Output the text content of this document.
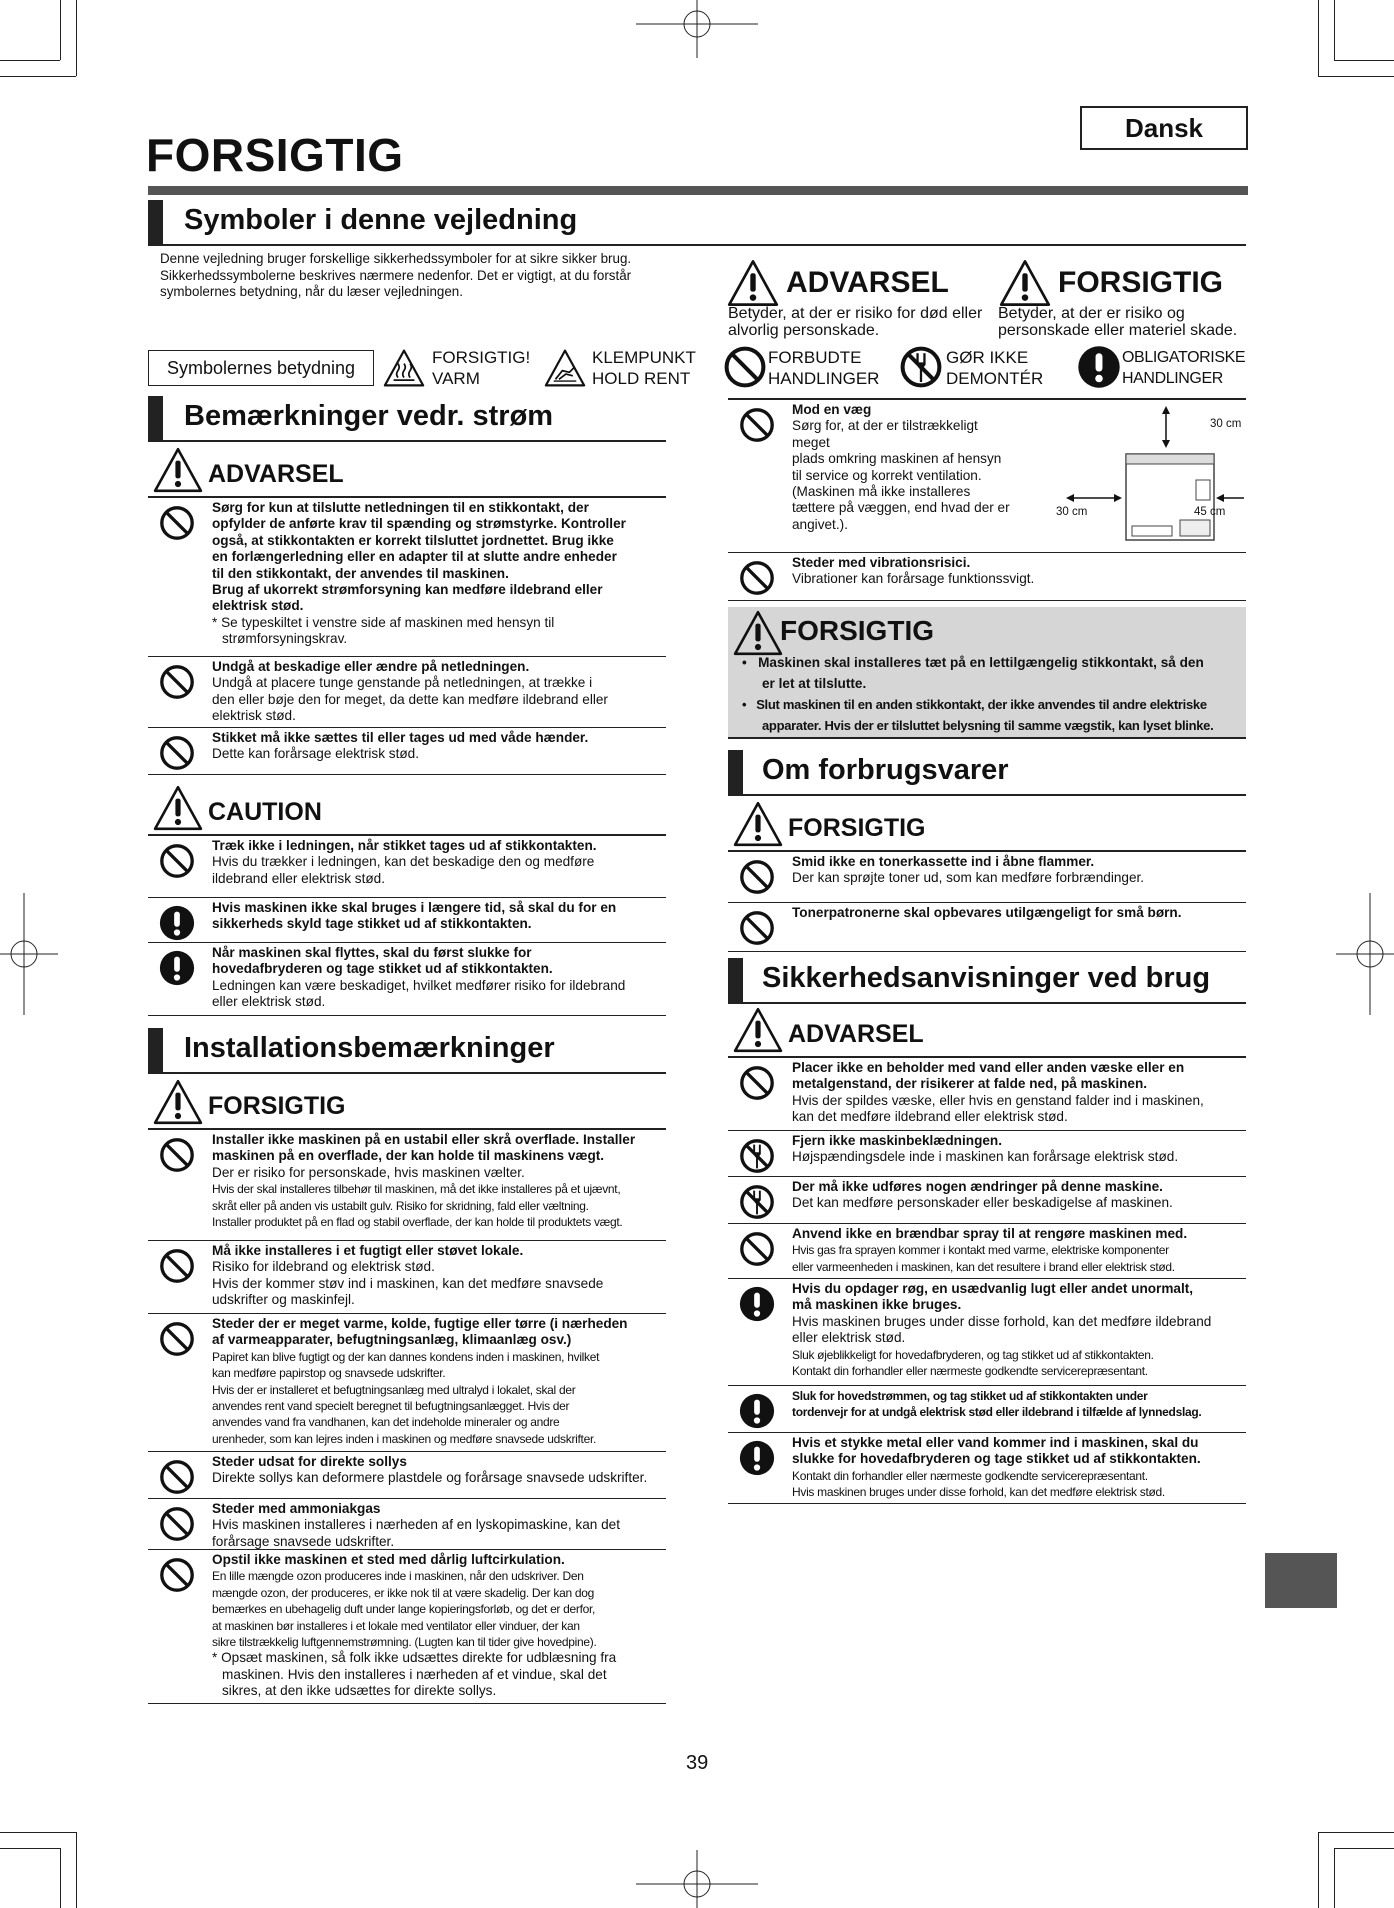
Dansk
FORSIGTIG
Symboler i denne vejledning
Denne vejledning bruger forskellige sikkerhedssymboler for at sikre sikker brug.
Sikkerhedssymbolerne beskrives nærmere nedenfor. Det er vigtigt, at du forstår
symbolernes betydning, når du læser vejledningen.
Symbolernes betydning
FORSIGTIG!
VARM
KLEMPUNKT
HOLD RENT
ADVARSEL
Betyder, at der er risiko for død eller
alvorlig personskade.
FORSIGTIG
Betyder, at der er risiko og
personskade eller materiel skade.
FORBUDTE
HANDLINGER
GØR IKKE
DEMONTÉR
OBLIGATORISKE
HANDLINGER
Bemærkninger vedr. strøm
ADVARSEL
Sørg for kun at tilslutte netledningen til en stikkontakt, der
opfylder de anførte krav til spænding og strømstyrke. Kontroller
også, at stikkontakten er korrekt tilsluttet jordnettet. Brug ikke
en forlængerledning eller en adapter til at slutte andre enheder
til den stikkontakt, der anvendes til maskinen.
Brug af ukorrekt strømforsyning kan medføre ildebrand eller
elektrisk stød.
* Se typeskiltet i venstre side af maskinen med hensyn til
strømforsyningskrav.
Undgå at beskadige eller ændre på netledningen.
Undgå at placere tunge genstande på netledningen, at trække i
den eller bøje den for meget, da dette kan medføre ildebrand eller
elektrisk stød.
Stikket må ikke sættes til eller tages ud med våde hænder.
Dette kan forårsage elektrisk stød.
CAUTION
Træk ikke i ledningen, når stikket tages ud af stikkontakten.
Hvis du trækker i ledningen, kan det beskadige den og medføre
ildebrand eller elektrisk stød.
Hvis maskinen ikke skal bruges i længere tid, så skal du for en
sikkerheds skyld tage stikket ud af stikkontakten.
Når maskinen skal flyttes, skal du først slukke for
hovedafbryderen og tage stikket ud af stikkontakten.
Ledningen kan være beskadiget, hvilket medfører risiko for ildebrand
eller elektrisk stød.
Installationsbemærkninger
FORSIGTIG
Installer ikke maskinen på en ustabil eller skrå overflade. Installer
maskinen på en overflade, der kan holde til maskinens vægt.
Der er risiko for personskade, hvis maskinen vælter.
Hvis der skal installeres tilbehør til maskinen, må det ikke installeres på et ujævnt,
skråt eller på anden vis ustabilt gulv. Risiko for skridning, fald eller væltning.
Installer produktet på en flad og stabil overflade, der kan holde til produktets vægt.
Må ikke installeres i et fugtigt eller støvet lokale.
Risiko for ildebrand og elektrisk stød.
Hvis der kommer støv ind i maskinen, kan det medføre snavsede
udskrifter og maskinfejl.
Steder der er meget varme, kolde, fugtige eller tørre (i nærheden
af varmeapparater, befugtningsanlæg, klimaanlæg osv.)
Papiret kan blive fugtigt og der kan dannes kondens inden i maskinen, hvilket
kan medføre papirstop og snavsede udskrifter.
Hvis der er installeret et befugtningsanlæg med ultralyd i lokalet, skal der
anvendes rent vand specielt beregnet til befugtningsanlægget. Hvis der
anvendes vand fra vandhanen, kan det indeholde mineraler og andre
urenheder, som kan lejres inden i maskinen og medføre snavsede udskrifter.
Steder udsat for direkte sollys
Direkte sollys kan deformere plastdele og forårsage snavsede udskrifter.
Steder med ammoniakgas
Hvis maskinen installeres i nærheden af en lyskopimaskine, kan det
forårsage snavsede udskrifter.
Opstil ikke maskinen et sted med dårlig luftcirkulation.
En lille mængde ozon produceres inde i maskinen, når den udskriver. Den
mængde ozon, der produceres, er ikke nok til at være skadelig. Der kan dog
bemærkes en ubehagelig duft under lange kopieringsforløb, og det er derfor,
at maskinen bør installeres i et lokale med ventilator eller vinduer, der kan
sikre tilstrækkelig luftgennemstrømning. (Lugten kan til tider give hovedpine).
* Opsæt maskinen, så folk ikke udsættes direkte for udblæsning fra
maskinen. Hvis den installeres i nærheden af et vindue, skal det
sikres, at den ikke udsættes for direkte sollys.
Mod en væg
Sørg for, at der er tilstrækkeligt meget
plads omkring maskinen af hensyn
til service og korrekt ventilation.
(Maskinen må ikke installeres
tættere på væggen, end hvad der er
angivet.).
30 cm
30 cm	45 cm
Steder med vibrationsrisici.
Vibrationer kan forårsage funktionssvigt.
FORSIGTIG
•   Maskinen skal installeres tæt på en lettilgængelig stikkontakt, så den
er let at tilslutte.
•   Slut maskinen til en anden stikkontakt, der ikke anvendes til andre elektriske
apparater. Hvis der er tilsluttet belysning til samme vægstik, kan lyset blinke.
Om forbrugsvarer
FORSIGTIG
Smid ikke en tonerkassette ind i åbne flammer.
Der kan sprøjte toner ud, som kan medføre forbrændinger.
Tonerpatronerne skal opbevares utilgængeligt for små børn.
Sikkerhedsanvisninger ved brug
ADVARSEL
Placer ikke en beholder med vand eller anden væske eller en
metalgenstand, der risikerer at falde ned, på maskinen.
Hvis der spildes væske, eller hvis en genstand falder ind i maskinen,
kan det medføre ildebrand eller elektrisk stød.
Fjern ikke maskinbeklædningen.
Højspændingsdele inde i maskinen kan forårsage elektrisk stød.
Der må ikke udføres nogen ændringer på denne maskine.
Det kan medføre personskader eller beskadigelse af maskinen.
Anvend ikke en brændbar spray til at rengøre maskinen med.
Hvis gas fra sprayen kommer i kontakt med varme, elektriske komponenter
eller varmeenheden i maskinen, kan det resultere i brand eller elektrisk stød.
Hvis du opdager røg, en usædvanlig lugt eller andet unormalt,
må maskinen ikke bruges.
Hvis maskinen bruges under disse forhold, kan det medføre ildebrand
eller elektrisk stød.
Sluk øjeblikkeligt for hovedafbryderen, og tag stikket ud af stikkontakten.
Kontakt din forhandler eller nærmeste godkendte servicerepræsentant.
Sluk for hovedstrømmen, og tag stikket ud af stikkontakten under
tordenvejr for at undgå elektrisk stød eller ildebrand i tilfælde af lynnedslag.
Hvis et stykke metal eller vand kommer ind i maskinen, skal du
slukke for hovedafbryderen og tage stikket ud af stikkontakten.
Kontakt din forhandler eller nærmeste godkendte servicerepræsentant.
Hvis maskinen bruges under disse forhold, kan det medføre elektrisk stød.
39
